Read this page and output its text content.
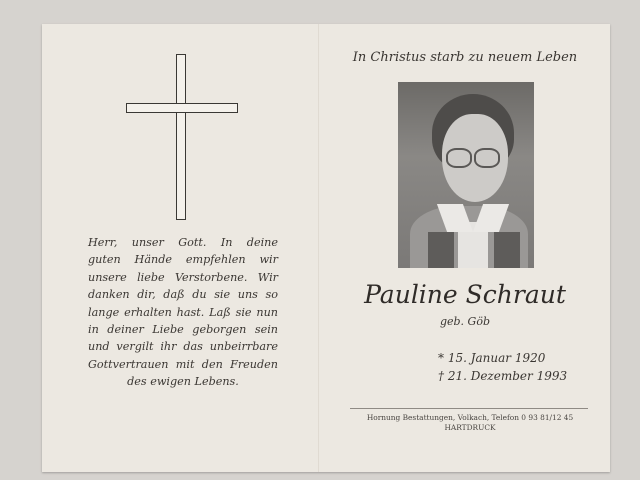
Herr, unser Gott. In deine
guten Hände empfehlen wir
unsere liebe Verstorbene. Wir
danken dir, daß du sie uns so
lange erhalten hast. Laß sie nun
in deiner Liebe geborgen sein
und vergilt ihr das unbeirrbare
Gottvertrauen mit den Freuden
des ewigen Lebens.
In Christus starb zu neuem Leben
Pauline Schraut
geb. Göb
* 15. Januar 1920
† 21. Dezember 1993
Hornung Bestattungen, Volkach, Telefon 0 93 81/12 45
HARTDRUCK
